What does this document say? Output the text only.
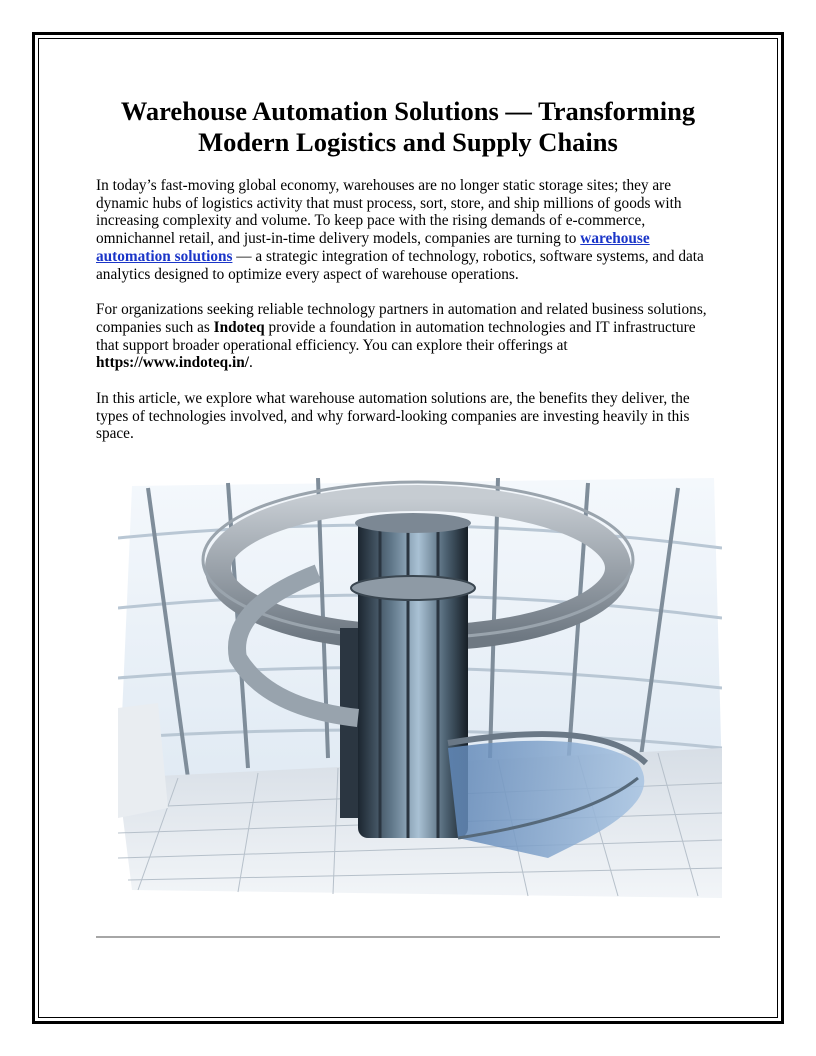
Warehouse Automation Solutions — Transforming Modern Logistics and Supply Chains

In today’s fast-moving global economy, warehouses are no longer static storage sites; they are dynamic hubs of logistics activity that must process, sort, store, and ship millions of goods with increasing complexity and volume. To keep pace with the rising demands of e-commerce, omnichannel retail, and just-in-time delivery models, companies are turning to warehouse automation solutions — a strategic integration of technology, robotics, software systems, and data analytics designed to optimize every aspect of warehouse operations.

For organizations seeking reliable technology partners in automation and related business solutions, companies such as Indoteq provide a foundation in automation technologies and IT infrastructure that support broader operational efficiency. You can explore their offerings at https://www.indoteq.in/.

In this article, we explore what warehouse automation solutions are, the benefits they deliver, the types of technologies involved, and why forward-looking companies are investing heavily in this space.
